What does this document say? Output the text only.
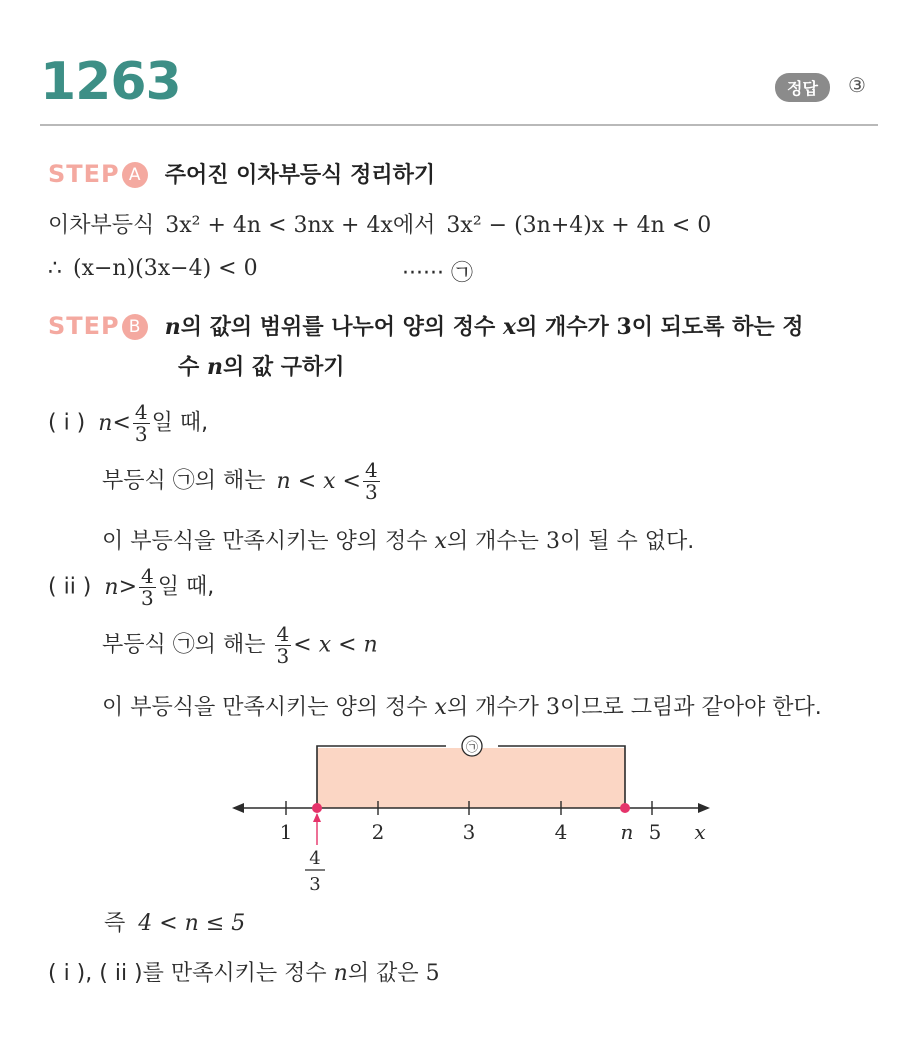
1263	정답	③
STEP A 주어진 이차부등식 정리하기
이차부등식 3x² + 4n < 3nx + 4x에서 3x² − (3n+4)x + 4n < 0
∴ (x−n)(3x−4) < 0	······ ㉠
STEP B n의 값의 범위를 나누어 양의 정수 x의 개수가 3이 되도록 하는 정
수 n의 값 구하기
( i ) $n< \frac{4}{3}$ 일 때,
부등식 ㉠의 해는 $n < x < \frac{4}{3}$
이 부등식을 만족시키는 양의 정수 x의 개수는 3이 될 수 없다.
( ii ) $n> \frac{4}{3}$ 일 때,
부등식 ㉠의 해는 $\frac{4}{3} < x < n$
이 부등식을 만족시키는 양의 정수 x의 개수가 3이므로 그림과 같아야 한다.
㉠
1	2	3	4	n 5 x
4
3
즉 4 < n ≤ 5
( i ), ( ii )를 만족시키는 정수 n의 값은 5
